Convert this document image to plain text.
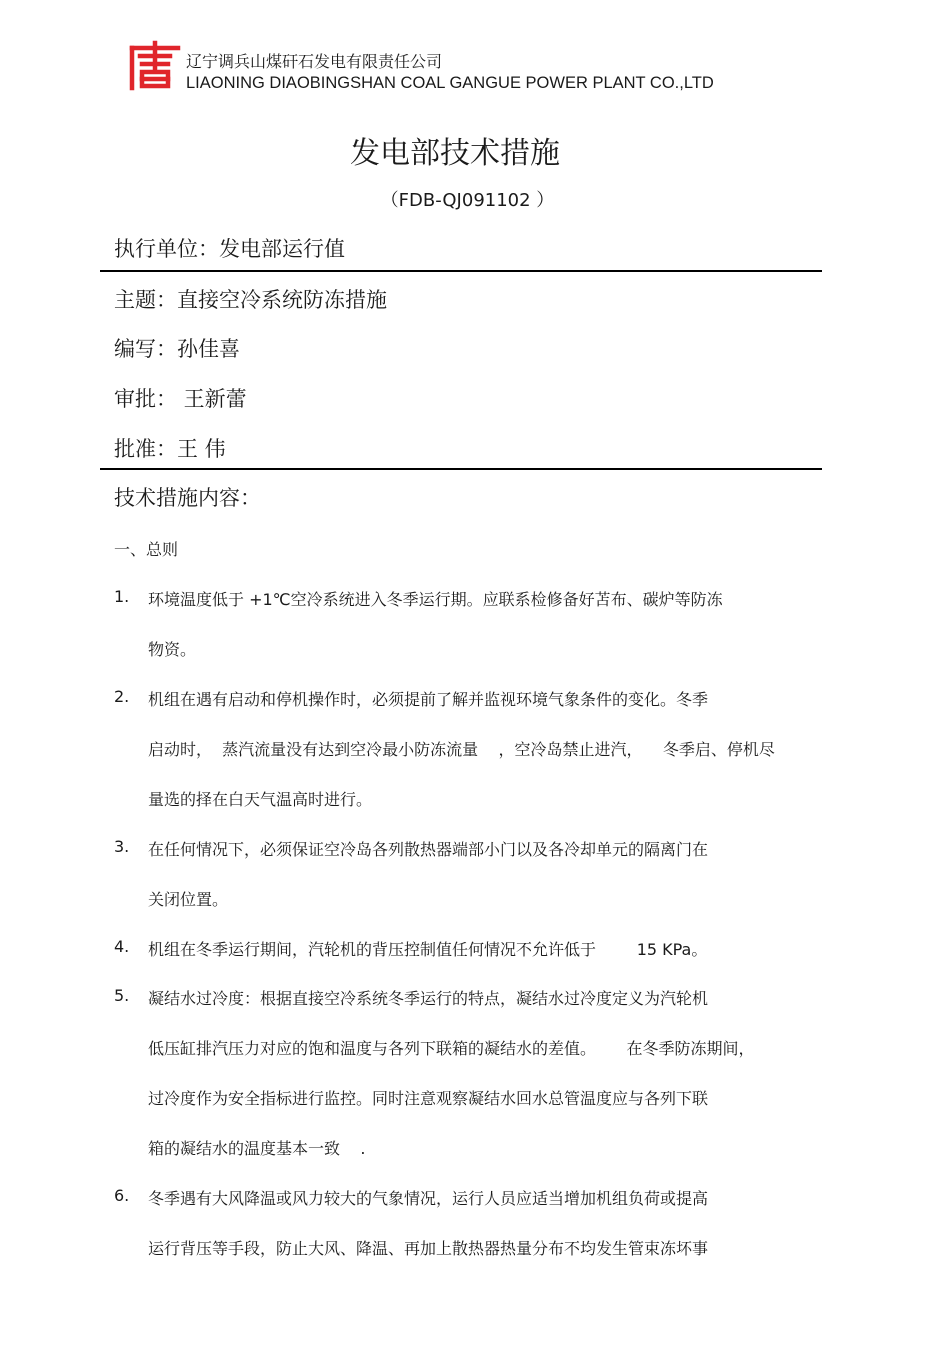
辽宁调兵山煤矸石发电有限责任公司
LIAONING DIAOBINGSHAN COAL GANGUE POWER PLANT CO.,LTD
发电部技术措施
（FDB-QJ091102 ）
执行单位：发电部运行值
主题：直接空冷系统防冻措施
编写：孙佳喜
审批： 王新蕾
批准：王 伟
技术措施内容：
一、总则
1.	环境温度低于 +1℃空冷系统进入冬季运行期。应联系检修备好苫布、碳炉等防冻
物资。
2.	机组在遇有启动和停机操作时，必须提前了解并监视环境气象条件的变化。冬季
启动时，  蒸汽流量没有达到空冷最小防冻流量    ，空冷岛禁止进汽，    冬季启、停机尽
量选的择在白天气温高时进行。
3.	在任何情况下，必须保证空冷岛各列散热器端部小门以及各冷却单元的隔离门在
关闭位置。
4.	机组在冬季运行期间，汽轮机的背压控制值任何情况不允许低于        15 KPa。
5.	凝结水过冷度：根据直接空冷系统冬季运行的特点，凝结水过冷度定义为汽轮机
低压缸排汽压力对应的饱和温度与各列下联箱的凝结水的差值。      在冬季防冻期间，
过冷度作为安全指标进行监控。同时注意观察凝结水回水总管温度应与各列下联
箱的凝结水的温度基本一致    .
6.	冬季遇有大风降温或风力较大的气象情况，运行人员应适当增加机组负荷或提高
运行背压等手段，防止大风、降温、再加上散热器热量分布不均发生管束冻坏事
